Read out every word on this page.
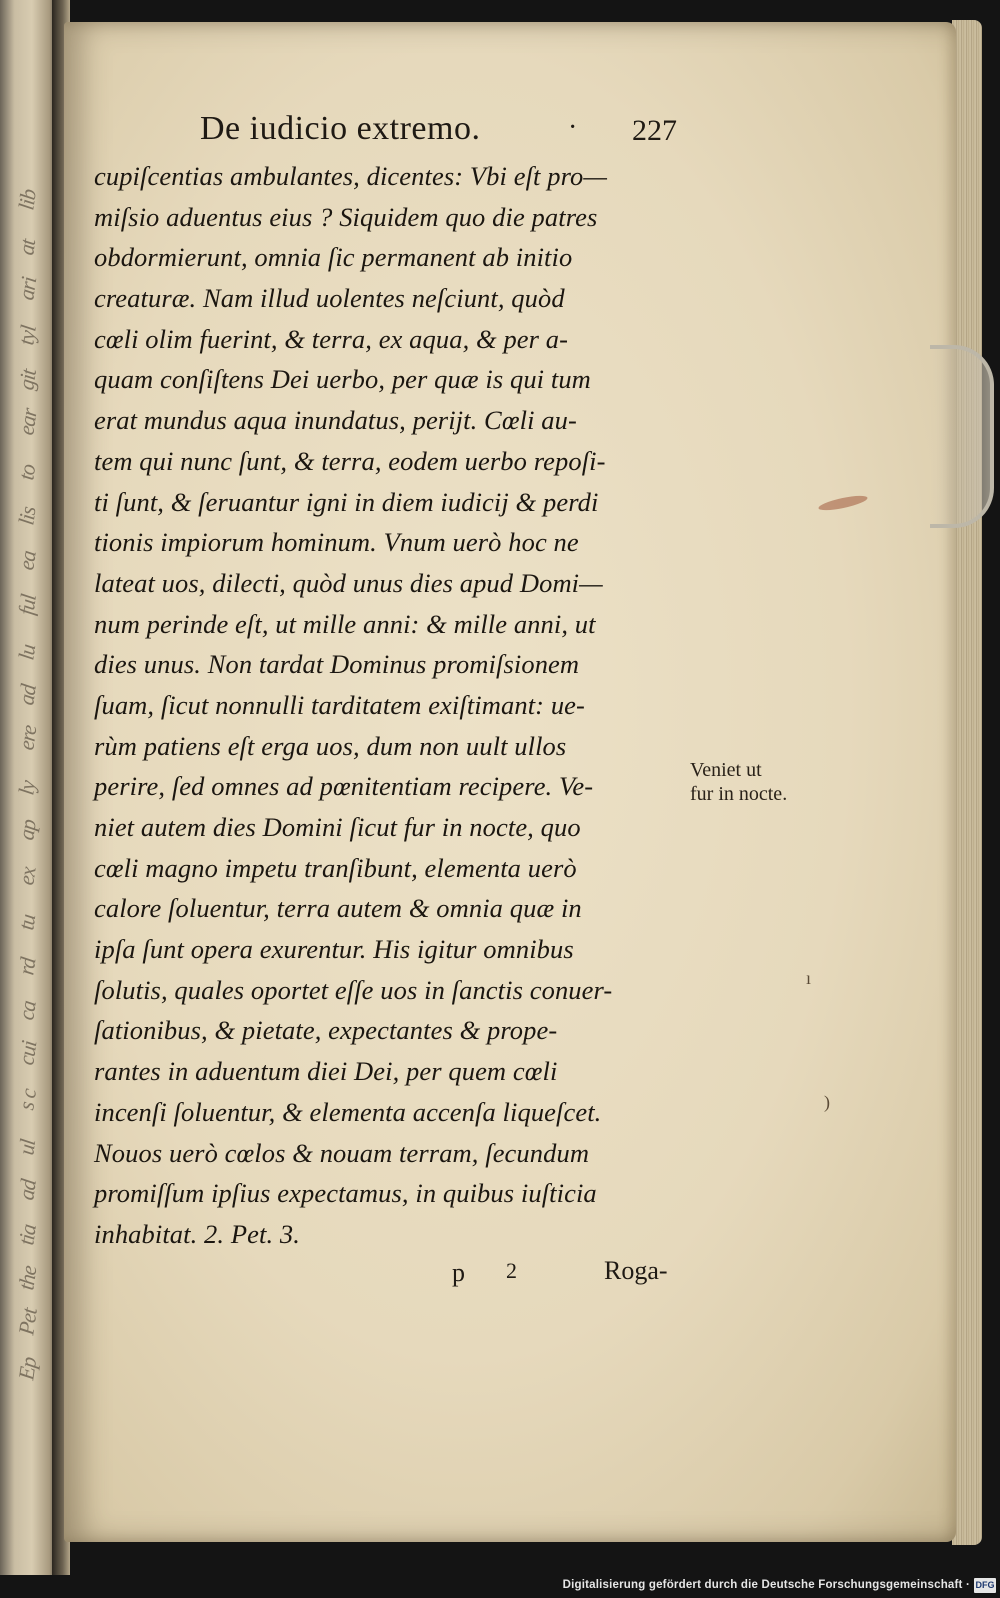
lib
at
ari
tyl
git
ear
to
lis
ea
ful
lu
ad
ere
ly
ap
ex
tu
rd
ca
cui
s c
ul
ad
tia
the
Pet
Ep
De iudicio extremo.	· 227
cupiſcentias ambulantes, dicentes: Vbi eſt pro—
miſsio aduentus eius ? Siquidem quo die patres
obdormierunt, omnia ſic permanent ab initio
creaturæ. Nam illud uolentes neſciunt, quòd
cœli olim fuerint, & terra, ex aqua, & per a-
quam conſiſtens Dei uerbo, per quæ is qui tum
erat mundus aqua inundatus, perijt. Cœli au-
tem qui nunc ſunt, & terra, eodem uerbo repoſi-
ti ſunt, & ſeruantur igni in diem iudicij & perdi
tionis impiorum hominum. Vnum uerò hoc ne
lateat uos, dilecti, quòd unus dies apud Domi—
num perinde eſt, ut mille anni: & mille anni, ut
dies unus. Non tardat Dominus promiſsionem
ſuam, ſicut nonnulli tarditatem exiſtimant: ue-
rùm patiens eſt erga uos, dum non uult ullos
perire, ſed omnes ad pœnitentiam recipere. Ve-
niet autem dies Domini ſicut fur in nocte, quo
cœli magno impetu tranſibunt, elementa uerò
calore ſoluentur, terra autem & omnia quæ in
ipſa ſunt opera exurentur. His igitur omnibus
ſolutis, quales oportet eſſe uos in ſanctis conuer-
ſationibus, & pietate, expectantes & prope-
rantes in aduentum diei Dei, per quem cœli
incenſi ſoluentur, & elementa accenſa liqueſcet.
Nouos uerò cœlos & nouam terram, ſecundum
promiſſum ipſius expectamus, in quibus iuſticia
inhabitat. 2. Pet. 3.
Veniet ut
fur in nocte.
p 2	Roga-
ı
)
Digitalisierung gefördert durch die Deutsche Forschungsgemeinschaft · DFG
